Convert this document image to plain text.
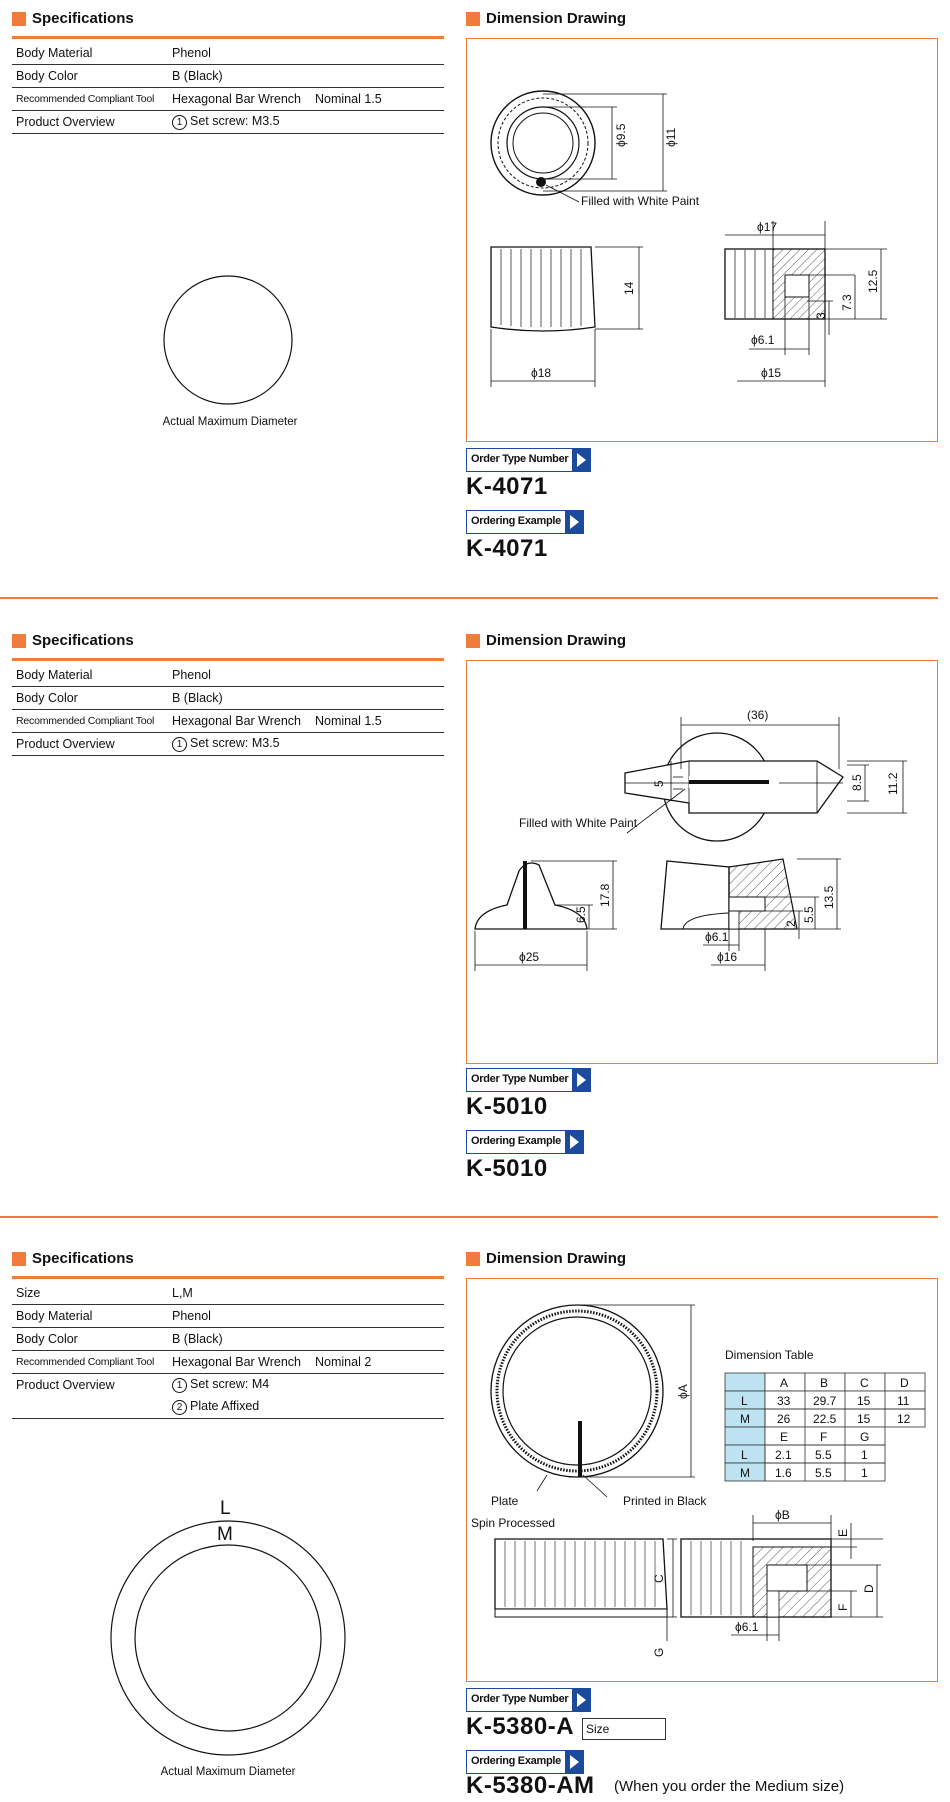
Specifications
Body Material	Phenol
Body Color	B (Black)
Recommended Compliant Tool	Hexagonal Bar Wrench Nominal 1.5
Product Overview	1 Set screw: M3.5
Actual Maximum Diameter
Dimension Drawing
ϕ9.5	ϕ11
Filled with White Paint
ϕ18
14
ϕ17
12.5
7.3
3
ϕ6.1
ϕ15
Order Type Number
K-4071
Ordering Example
K-4071
Specifications
Body Material	Phenol
Body Color	B (Black)
Recommended Compliant Tool	Hexagonal Bar Wrench Nominal 1.5
Product Overview	1 Set screw: M3.5
Dimension Drawing
5
(36)
8.5 11.2
Filled with White Paint
6.5
17.8
ϕ25
2
5.5
13.5
ϕ6.1
ϕ16
Order Type Number
K-5010
Ordering Example
K-5010
Specifications
Size	L,M
Body Material	Phenol
Body Color	B (Black)
Recommended Compliant Tool	Hexagonal Bar Wrench Nominal 2
Product Overview	1 Set screw: M4
	2 Plate Affixed
L
M
Actual Maximum Diameter
Dimension Drawing
ϕA
Plate
Spin Processed
Printed in Black
Dimension Table
A	B	C	D
L 33 29.7 15 11
M 26 22.5 15 12
E	F	G
L 2.1 5.5 1
M 1.6 5.5 1
C
G
ϕB
E
F
D
ϕ6.1
Order Type Number
K-5380-A Size
Ordering Example
K-5380-AM (When you order the Medium size)
